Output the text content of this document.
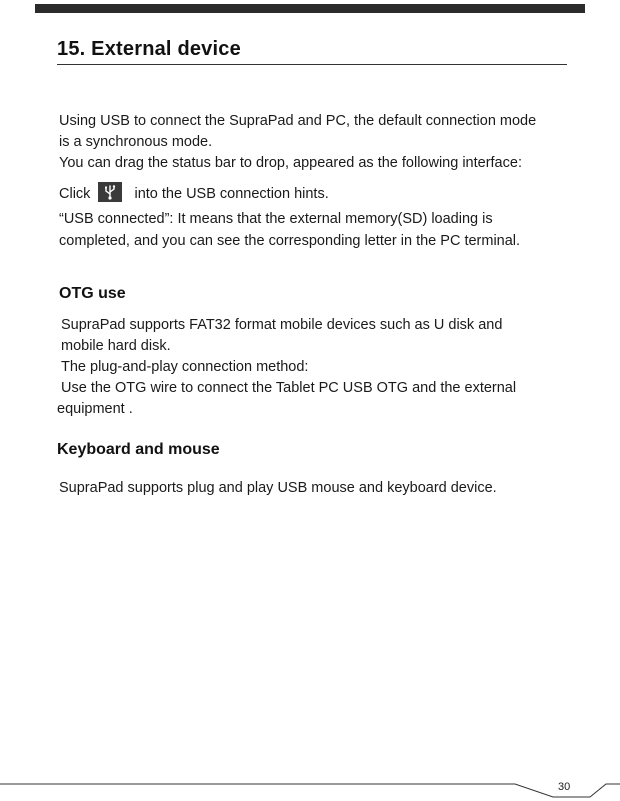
15. External device

Using USB to connect the SupraPad and PC, the default connection mode

is a synchronous mode.

You can drag the status bar to drop, appeared as the following interface:

Click	into the USB connection hints.

“USB connected”: It means that the external memory(SD) loading is

completed, and you can see the corresponding letter in the PC terminal.

OTG use

SupraPad supports FAT32 format mobile devices such as U disk and

mobile hard disk.

The plug-and-play connection method:

Use the OTG wire to connect the Tablet PC USB OTG and the external

equipment .

Keyboard and mouse

SupraPad supports plug and play USB mouse and keyboard device.

30
